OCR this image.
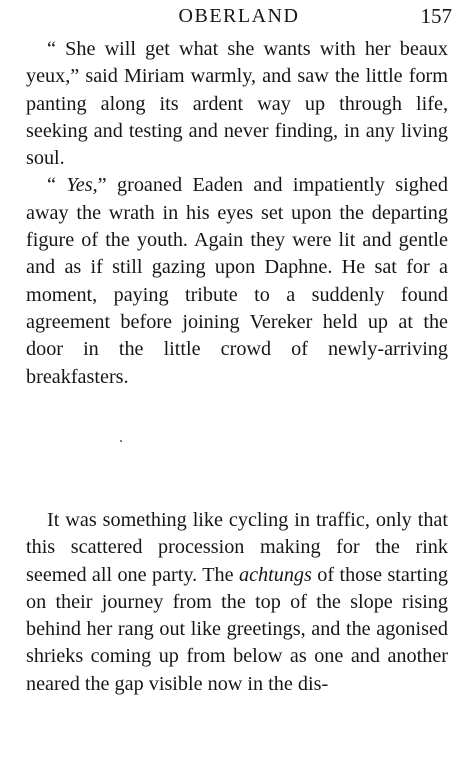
OBERLAND	157

“ She will get what she wants with her beaux yeux,” said Miriam warmly, and saw the little form panting along its ardent way up through life, seeking and testing and never finding, in any living soul.

“ Yes,” groaned Eaden and impatiently sighed away the wrath in his eyes set upon the departing figure of the youth. Again they were lit and gentle and as if still gazing upon Daphne. He sat for a moment, paying tribute to a suddenly found agreement before joining Vereker held up at the door in the little crowd of newly-arriving breakfasters.

It was something like cycling in traffic, only that this scattered procession making for the rink seemed all one party. The achtungs of those starting on their journey from the top of the slope rising behind her rang out like greetings, and the agonised shrieks coming up from below as one and another neared the gap visible now in the dis-
